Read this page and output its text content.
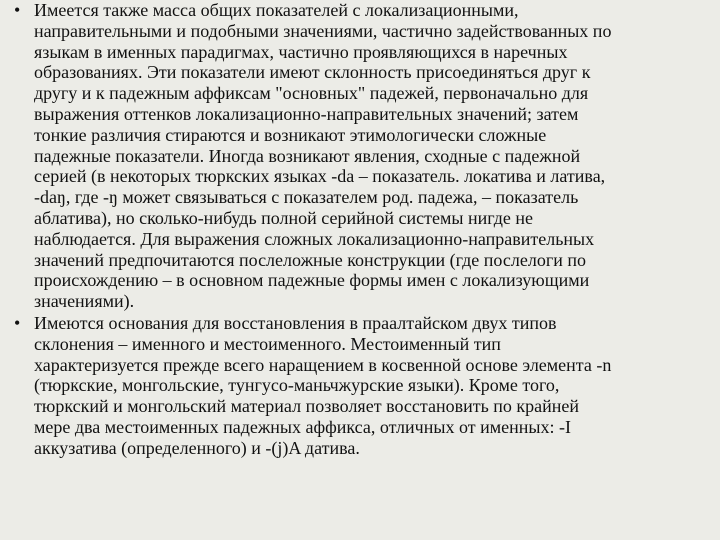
• Имеется также масса общих показателей с локализационными,
направительными и подобными значениями, частично задействованных по
языкам в именных парадигмах, частично проявляющихся в наречных
образованиях. Эти показатели имеют склонность присоединяться друг к
другу и к падежным аффиксам "основных" падежей, первоначально для
выражения оттенков локализационно-направительных значений; затем
тонкие различия стираются и возникают этимологически сложные
падежные показатели. Иногда возникают явления, сходные с падежной
серией (в некоторых тюркских языках -da – показатель. локатива и латива,
-daŋ, где -ŋ может связываться с показателем род. падежа, – показатель
аблатива), но сколько-нибудь полной серийной системы нигде не
наблюдается. Для выражения сложных локализационно-направительных
значений предпочитаются послеложные конструкции (где послелоги по
происхождению – в основном падежные формы имен с локализующими
значениями).
• Имеются основания для восстановления в праалтайском двух типов
склонения – именного и местоименного. Местоименный тип
характеризуется прежде всего наращением в косвенной основе элемента -n
(тюркские, монгольские, тунгусо-маньчжурские языки). Кроме того,
тюркский и монгольский материал позволяет восстановить по крайней
мере два местоименных падежных аффикса, отличных от именных: -I
аккузатива (определенного) и -(j)A датива.
